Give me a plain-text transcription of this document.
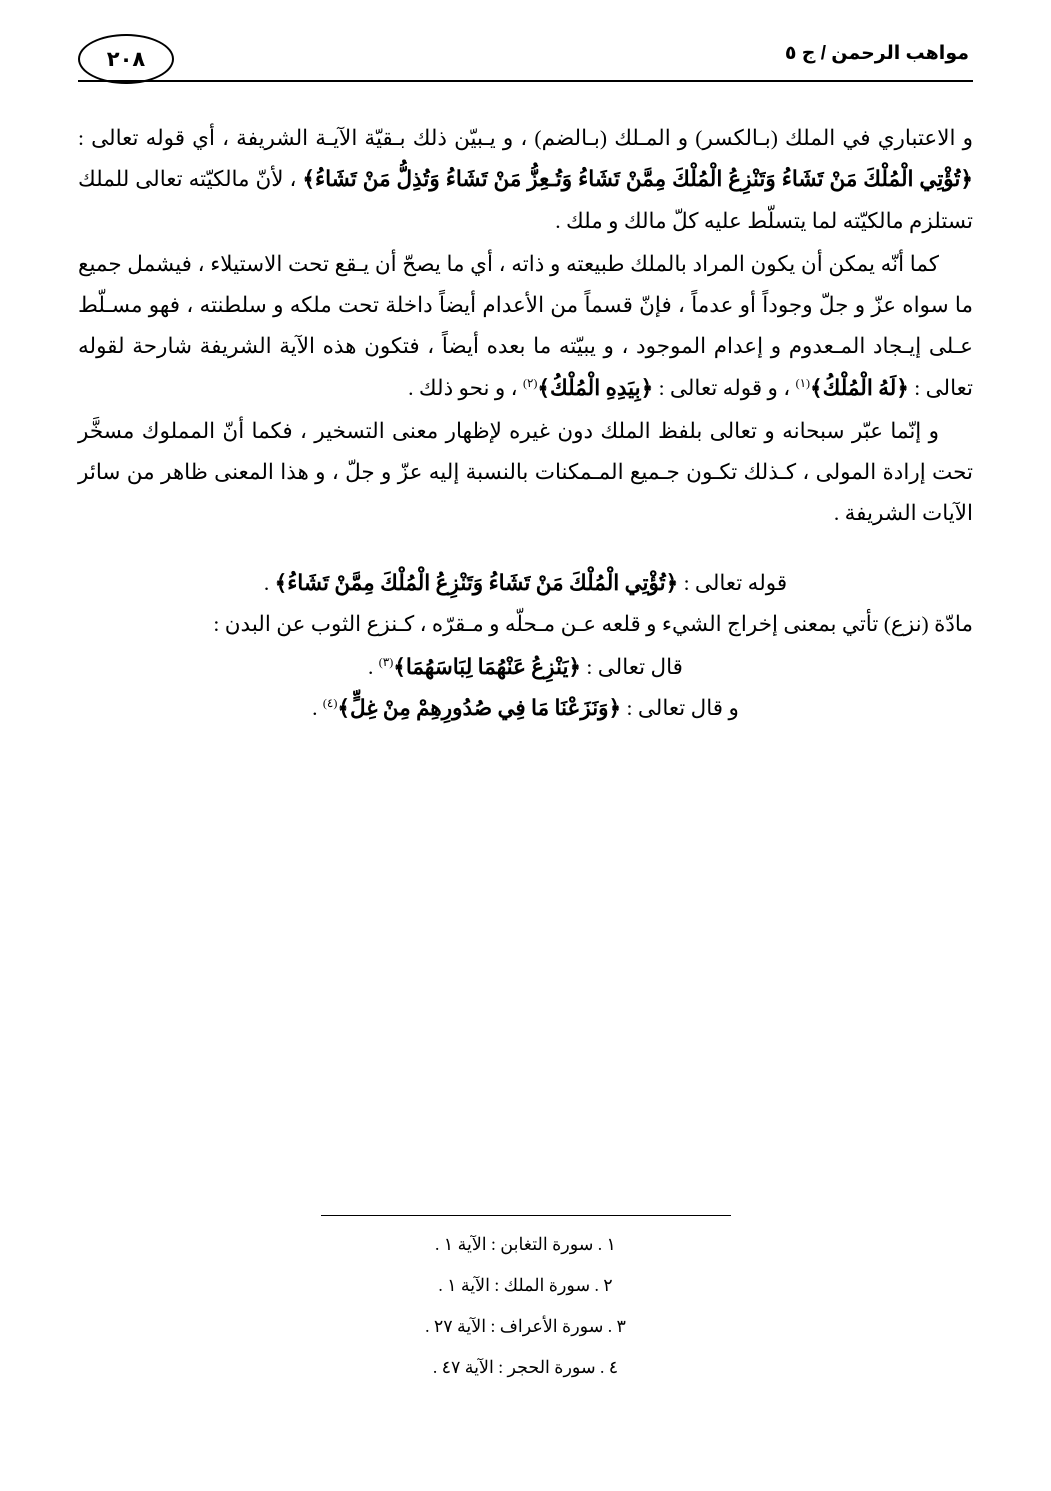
مواهب الرحمن / ج ٥
٢٠٨

و الاعتباري في الملك (بـالكسر) و المـلك (بـالضم) ، و يـبيّن ذلك بـقيّة الآيـة الشريفة ، أي قوله تعالى : ﴿تُؤْتِي الْمُلْكَ مَنْ تَشَاءُ وَتَنْزِعُ الْمُلْكَ مِمَّنْ تَشَاءُ وَتُـعِزُّ مَنْ تَشَاءُ وَتُذِلُّ مَنْ تَشَاءُ﴾ ، لأنّ مالكيّته تعالى للملك تستلزم مالكيّته لما يتسلّط عليه كلّ مالك و ملك .

كما أنّه يمكن أن يكون المراد بالملك طبيعته و ذاته ، أي ما يصحّ أن يـقع تحت الاستيلاء ، فيشمل جميع ما سواه عزّ و جلّ وجوداً أو عدماً ، فإنّ قسماً من الأعدام أيضاً داخلة تحت ملكه و سلطنته ، فهو مسـلّط عـلى إيـجاد المـعدوم و إعدام الموجود ، و يبيّته ما بعده أيضاً ، فتكون هذه الآية الشريفة شارحة لقوله تعالى : ﴿لَهُ الْمُلْكُ﴾$^{(١)}$ ، و قوله تعالى : ﴿بِيَدِهِ الْمُلْكُ﴾$^{(٢)}$ ، و نحو ذلك .

و إنّما عبّر سبحانه و تعالى بلفظ الملك دون غيره لإظهار معنى التسخير ، فكما أنّ المملوك مسخَّر تحت إرادة المولى ، كـذلك تكـون جـميع المـمكنات بالنسبة إليه عزّ و جلّ ، و هذا المعنى ظاهر من سائر الآيات الشريفة .

قوله تعالى : ﴿تُؤْتِي الْمُلْكَ مَنْ تَشَاءُ وَتَنْزِعُ الْمُلْكَ مِمَّنْ تَشَاءُ﴾ .

مادّة (نزع) تأتي بمعنى إخراج الشيء و قلعه عـن مـحلّه و مـقرّه ، كـنزع الثوب عن البدن :

قال تعالى : ﴿يَنْزِعُ عَنْهُمَا لِبَاسَهُمَا﴾$^{(٣)}$ .

و قال تعالى : ﴿وَنَزَعْنَا مَا فِي صُدُورِهِمْ مِنْ غِلٍّ﴾$^{(٤)}$ .

١ . سورة التغابن : الآية ١ .
٢ . سورة الملك : الآية ١ .
٣ . سورة الأعراف : الآية ٢٧ .
٤ . سورة الحجر : الآية ٤٧ .
